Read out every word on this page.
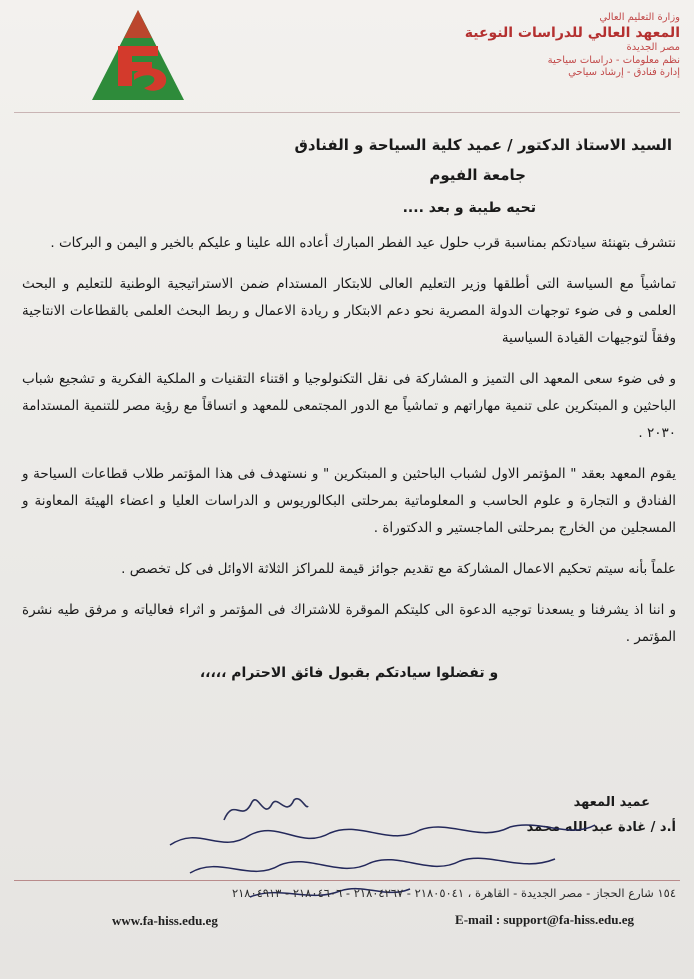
وزارة التعليم العالي
المعهد العالي للدراسات النوعية
مصر الجديدة
نظم معلومات - دراسات سياحية
إدارة فنادق - إرشاد سياحي
السيد الاستاذ الدكتور / عميد كلية السياحة و الفنادق
جامعة الفيوم
تحيه طيبة و بعد ....
نتشرف بتهنئة سيادتكم بمناسبة قرب حلول عيد الفطر المبارك أعاده الله علينا و عليكم بالخير و اليمن و البركات .
تماشياً مع السياسة التى أطلقها وزير التعليم العالى للابتكار المستدام ضمن الاستراتيجية الوطنية للتعليم و البحث العلمى و فى ضوء توجهات الدولة المصرية نحو دعم الابتكار و ريادة الاعمال و ربط البحث العلمى بالقطاعات الانتاجية وفقاً لتوجيهات القيادة السياسية
و فى ضوء سعى المعهد الى التميز و المشاركة فى نقل التكنولوجيا و اقتناء التقنيات و الملكية الفكرية و تشجيع شباب الباحثين و المبتكرين على تنمية مهاراتهم و تماشياً مع الدور المجتمعى للمعهد و اتساقاً مع رؤية مصر للتنمية المستدامة ٢٠٣٠ .
يقوم المعهد بعقد " المؤتمر الاول لشباب الباحثين و المبتكرين " و نستهدف فى هذا المؤتمر طلاب قطاعات السياحة و الفنادق و التجارة و علوم الحاسب و المعلوماتية بمرحلتى البكالوريوس و الدراسات العليا و اعضاء الهيئة المعاونة و المسجلين من الخارج بمرحلتى الماجستير و الدكتوراة .
علماً بأنه سيتم تحكيم الاعمال المشاركة مع تقديم جوائز قيمة للمراكز الثلاثة الاوائل فى كل تخصص .
و اننا اذ يشرفنا و يسعدنا توجيه الدعوة الى كليتكم الموقرة للاشتراك فى المؤتمر و اثراء فعالياته و مرفق طيه نشرة المؤتمر .
و تفضلوا سيادتكم بقبول فائق الاحترام ،،،،،
عميد المعهد
أ.د / غادة عبد الله محمد
١٥٤ شارع الحجاز - مصر الجديدة - القاهرة ، ٢١٨٠٥٠٤١ - ٢١٨٠٤٢٦٧ - ٢١٨٠٤٦٠٦ - ٢١٨٠٤٩١٣
www.fa-hiss.edu.eg	E-mail : support@fa-hiss.edu.eg
